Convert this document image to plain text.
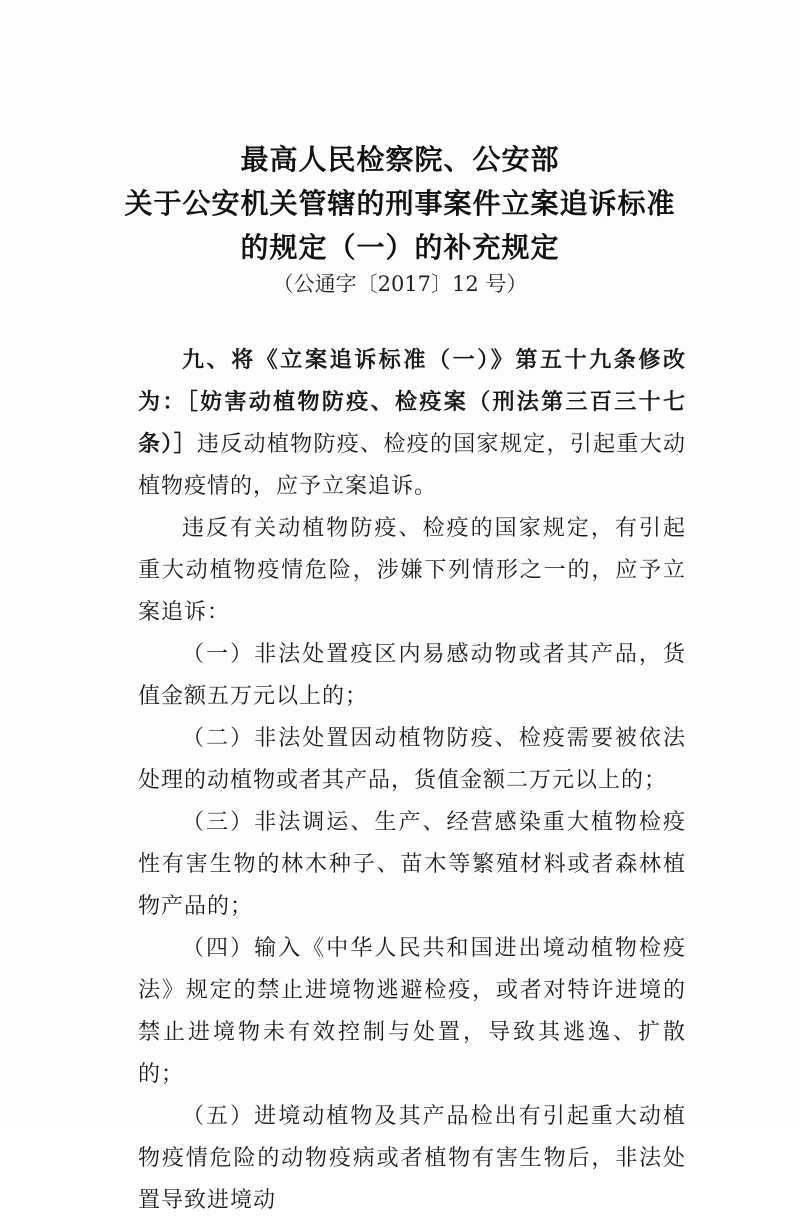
最高人民检察院、公安部
关于公安机关管辖的刑事案件立案追诉标准
的规定（一）的补充规定
（公通字〔2017〕12 号）

九、将《立案追诉标准（一）》第五十九条修改为：［妨害动植物防疫、检疫案（刑法第三百三十七条）］违反动植物防疫、检疫的国家规定，引起重大动植物疫情的，应予立案追诉。

违反有关动植物防疫、检疫的国家规定，有引起重大动植物疫情危险，涉嫌下列情形之一的，应予立案追诉：

（一）非法处置疫区内易感动物或者其产品，货值金额五万元以上的；

（二）非法处置因动植物防疫、检疫需要被依法处理的动植物或者其产品，货值金额二万元以上的；

（三）非法调运、生产、经营感染重大植物检疫性有害生物的林木种子、苗木等繁殖材料或者森林植物产品的；

（四）输入《中华人民共和国进出境动植物检疫法》规定的禁止进境物逃避检疫，或者对特许进境的禁止进境物未有效控制与处置，导致其逃逸、扩散的；

（五）进境动植物及其产品检出有引起重大动植物疫情危险的动物疫病或者植物有害生物后，非法处置导致进境动
